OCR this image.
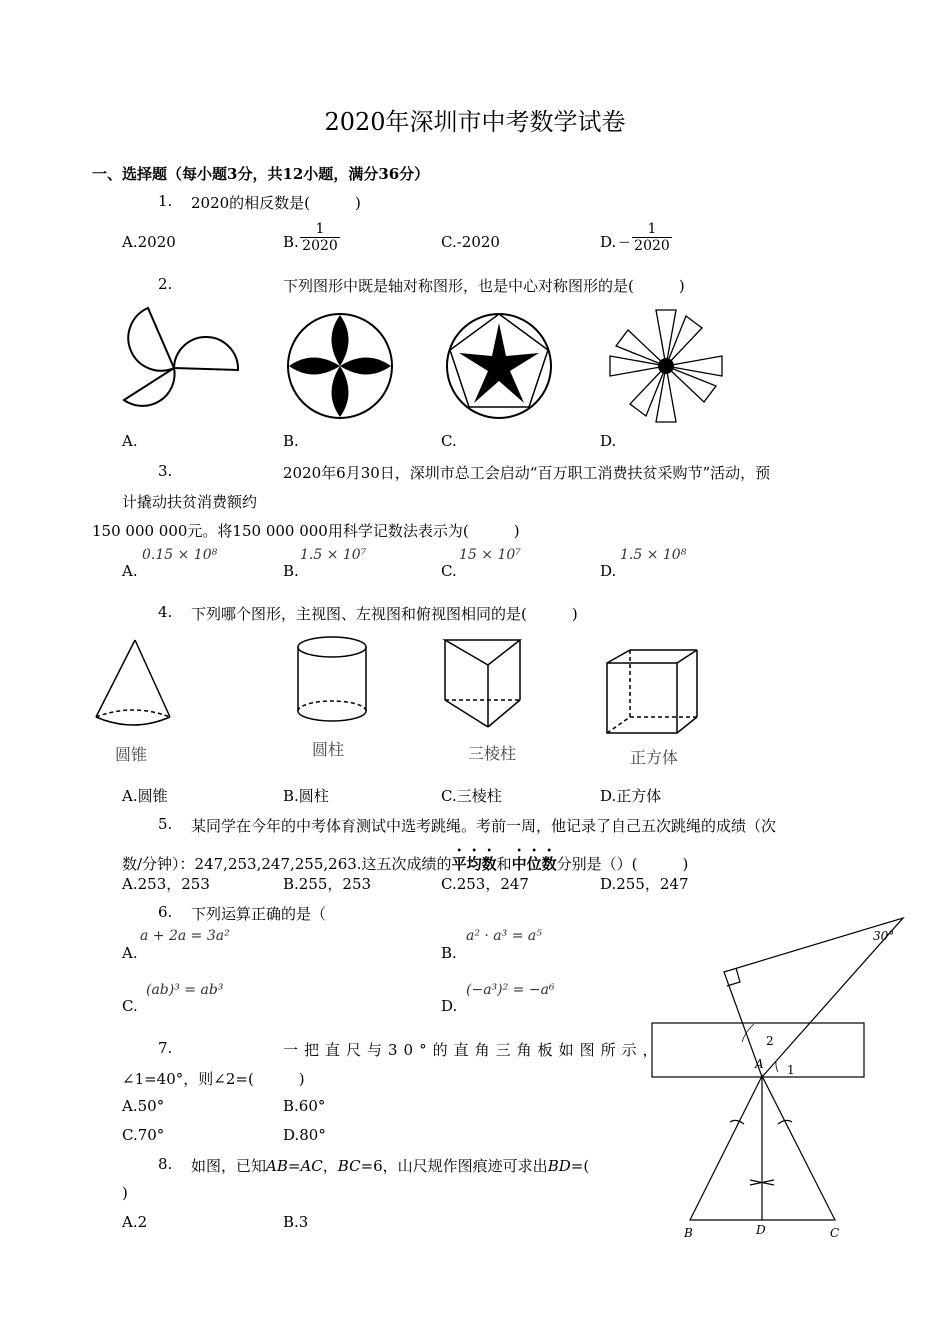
2020年深圳市中考数学试卷
一、选择题（每小题3分，共12小题，满分36分）
1. 2020的相反数是(　　　)
A.2020	B. $\frac{1}{2020}$	C.-2020	D. − $\frac{1}{2020}$
2.	下列图形中既是轴对称图形，也是中心对称图形的是(　　　)
A.	B.	C.	D.
3.	2020年6月30日，深圳市总工会启动“百万职工消费扶贫采购节”活动，预
计撬动扶贫消费额约
150 000 000元。将150 000 000用科学记数法表示为(　　　)
A.
0.15 × 10⁸
B.
1.5 × 10⁷
C.
15 × 10⁷
D.
1.5 × 10⁸
4. 下列哪个图形，主视图、左视图和俯视图相同的是(　　　)
圆锥	圆柱	三棱柱	正方体
A.圆锥	B.圆柱	C.三棱柱	D.正方体
5. 某同学在今年的中考体育测试中选考跳绳。考前一周，他记录了自己五次跳绳的成绩（次
数/分钟）：247,253,247,255,263.这五次成绩的平均数和中位数分别是（）(　　　)
A.253，253	B.255，253	C.253，247	D.255，247
6. 下列运算正确的是（
A.
a + 2a = 3a²
B.
a² · a³ = a⁵
C.
(ab)³ = ab³
D.
(−a³)² = −a⁶
7.	一把直尺与30°的直角三角板如图所示，
∠1=40°，则∠2=(　　　)
A.50°	B.60°
C.70°	D.80°
8. 如图，已知AB=AC，BC=6，山尺规作图痕迹可求出BD=(
)
A.2	B.3
30°
2
A 1
B	D	C
